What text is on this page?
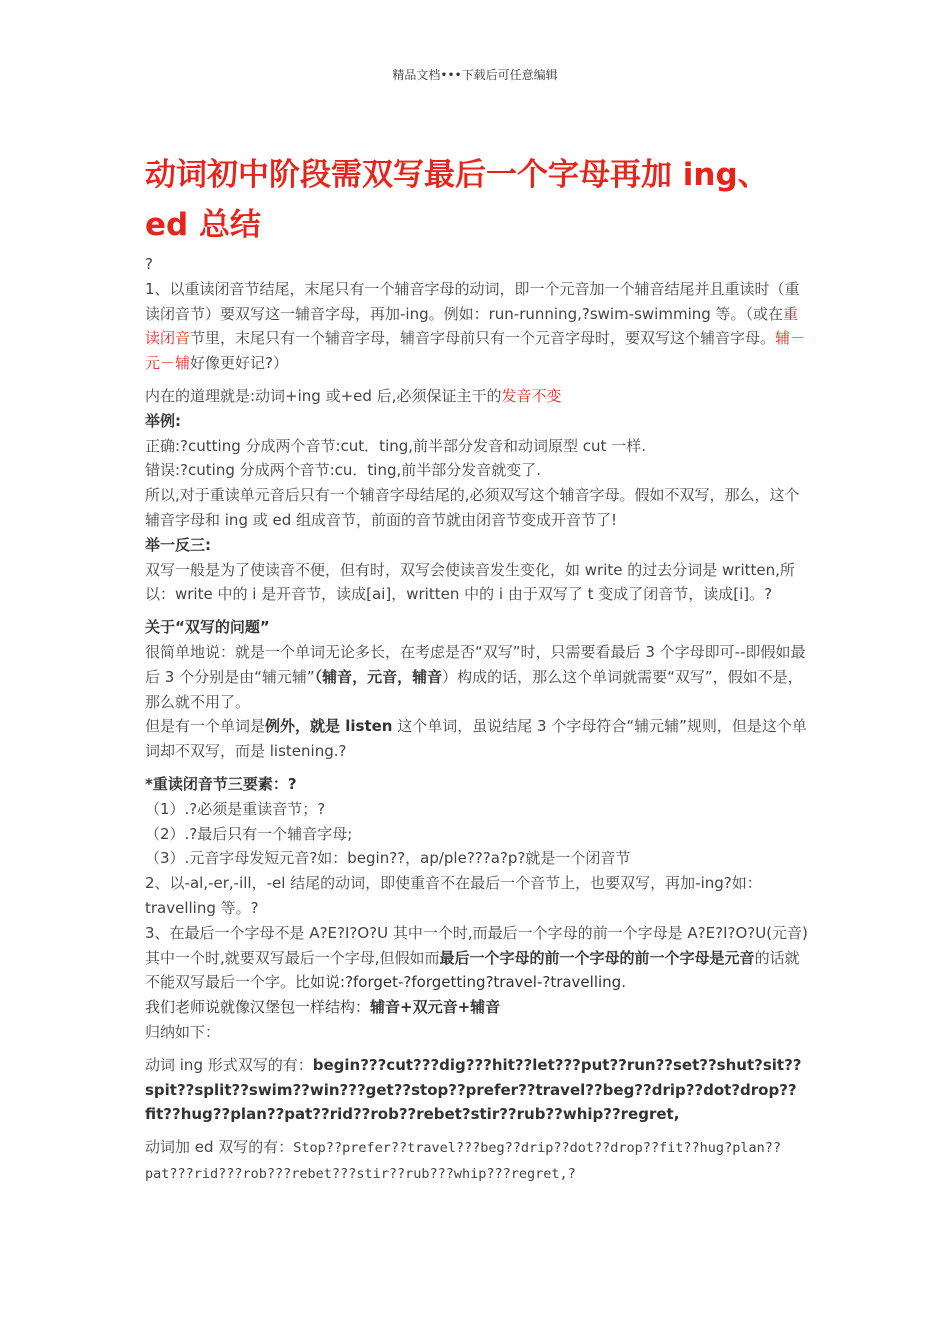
精品文档•••下载后可任意编辑
动词初中阶段需双写最后一个字母再加 ing、ed 总结

?

1、以重读闭音节结尾，末尾只有一个辅音字母的动词，即一个元音加一个辅音结尾并且重读时（重读闭音节）要双写这一辅音字母，再加-ing。例如：run-running,?swim-swimming 等。（或在重读闭音节里，末尾只有一个辅音字母，辅音字母前只有一个元音字母时，要双写这个辅音字母。辅－元－辅好像更好记?）

内在的道理就是:动词+ing 或+ed 后,必须保证主干的发音不变

举例:

正确:?cutting 分成两个音节:cut．ting,前半部分发音和动词原型 cut 一样.

错误:?cuting 分成两个音节:cu．ting,前半部分发音就变了.

所以,对于重读单元音后只有一个辅音字母结尾的,必须双写这个辅音字母。假如不双写，那么，这个辅音字母和 ing 或 ed 组成音节，前面的音节就由闭音节变成开音节了!

举一反三:

双写一般是为了使读音不便，但有时，双写会使读音发生变化，如 write 的过去分词是 written,所以：write 中的 i 是开音节，读成[ai]，written 中的 i 由于双写了 t 变成了闭音节，读成[i]。?

关于“双写的问题”

很简单地说：就是一个单词无论多长，在考虑是否“双写”时，只需要看最后 3 个字母即可--即假如最后 3 个分别是由“辅元辅”（辅音，元音，辅音）构成的话，那么这个单词就需要“双写”，假如不是，那么就不用了。

但是有一个单词是例外，就是 listen 这个单词，虽说结尾 3 个字母符合“辅元辅”规则，但是这个单词却不双写，而是 listening.?

*重读闭音节三要素：?

（1）.?必须是重读音节；?

（2）.?最后只有一个辅音字母;

（3）.元音字母发短元音?如：begin??，ap/ple???a?p?就是一个闭音节

2、以-al,-er,-ill，-el 结尾的动词，即使重音不在最后一个音节上，也要双写，再加-ing?如：travelling 等。?

3、在最后一个字母不是 A?E?I?O?U 其中一个时,而最后一个字母的前一个字母是 A?E?I?O?U(元音)其中一个时,就要双写最后一个字母,但假如而最后一个字母的前一个字母的前一个字母是元音的话就不能双写最后一个字。比如说:?forget-?forgetting?travel-?travelling.

我们老师说就像汉堡包一样结构：辅音+双元音+辅音

归纳如下：

动词 ing 形式双写的有：begin???cut???dig???hit??let???put??run??set??shut?sit??spit??split??swim??win???get??stop??prefer??travel??beg??drip??dot?drop??fit??hug??plan??pat??rid??rob??rebet?stir??rub??whip??regret,

动词加 ed 双写的有：Stop??prefer??travel???beg??drip??dot??drop??fit??hug?plan??pat???rid???rob???rebet???stir??rub???whip???regret,?
